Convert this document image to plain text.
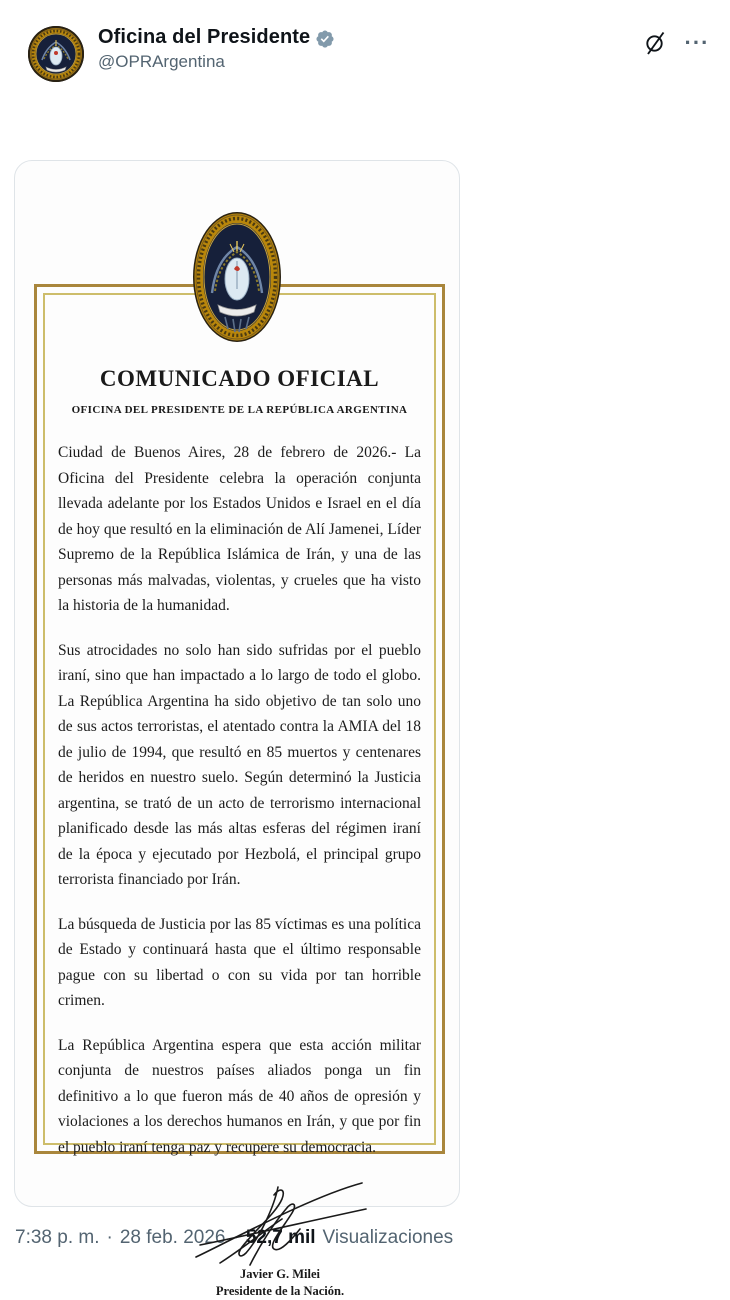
Oficina del Presidente
@OPRArgentina
···
COMUNICADO OFICIAL
OFICINA DEL PRESIDENTE DE LA REPÚBLICA ARGENTINA

Ciudad de Buenos Aires, 28 de febrero de 2026.- La Oficina del Presidente celebra la operación conjunta llevada adelante por los Estados Unidos e Israel en el día de hoy que resultó en la eliminación de Alí Jamenei, Líder Supremo de la República Islámica de Irán, y una de las personas más malvadas, violentas, y crueles que ha visto la historia de la humanidad.

Sus atrocidades no solo han sido sufridas por el pueblo iraní, sino que han impactado a lo largo de todo el globo. La República Argentina ha sido objetivo de tan solo uno de sus actos terroristas, el atentado contra la AMIA del 18 de julio de 1994, que resultó en 85 muertos y centenares de heridos en nuestro suelo. Según determinó la Justicia argentina, se trató de un acto de terrorismo internacional planificado desde las más altas esferas del régimen iraní de la época y ejecutado por Hezbolá, el principal grupo terrorista financiado por Irán.

La búsqueda de Justicia por las 85 víctimas es una política de Estado y continuará hasta que el último responsable pague con su libertad o con su vida por tan horrible crimen.

La República Argentina espera que esta acción militar conjunta de nuestros países aliados ponga un fin definitivo a lo que fueron más de 40 años de opresión y violaciones a los derechos humanos en Irán, y que por fin el pueblo iraní tenga paz y recupere su democracia.

Javier G. Milei
Presidente de la Nación.
7:38 p. m. · 28 feb. 2026 · 52,7 mil Visualizaciones
